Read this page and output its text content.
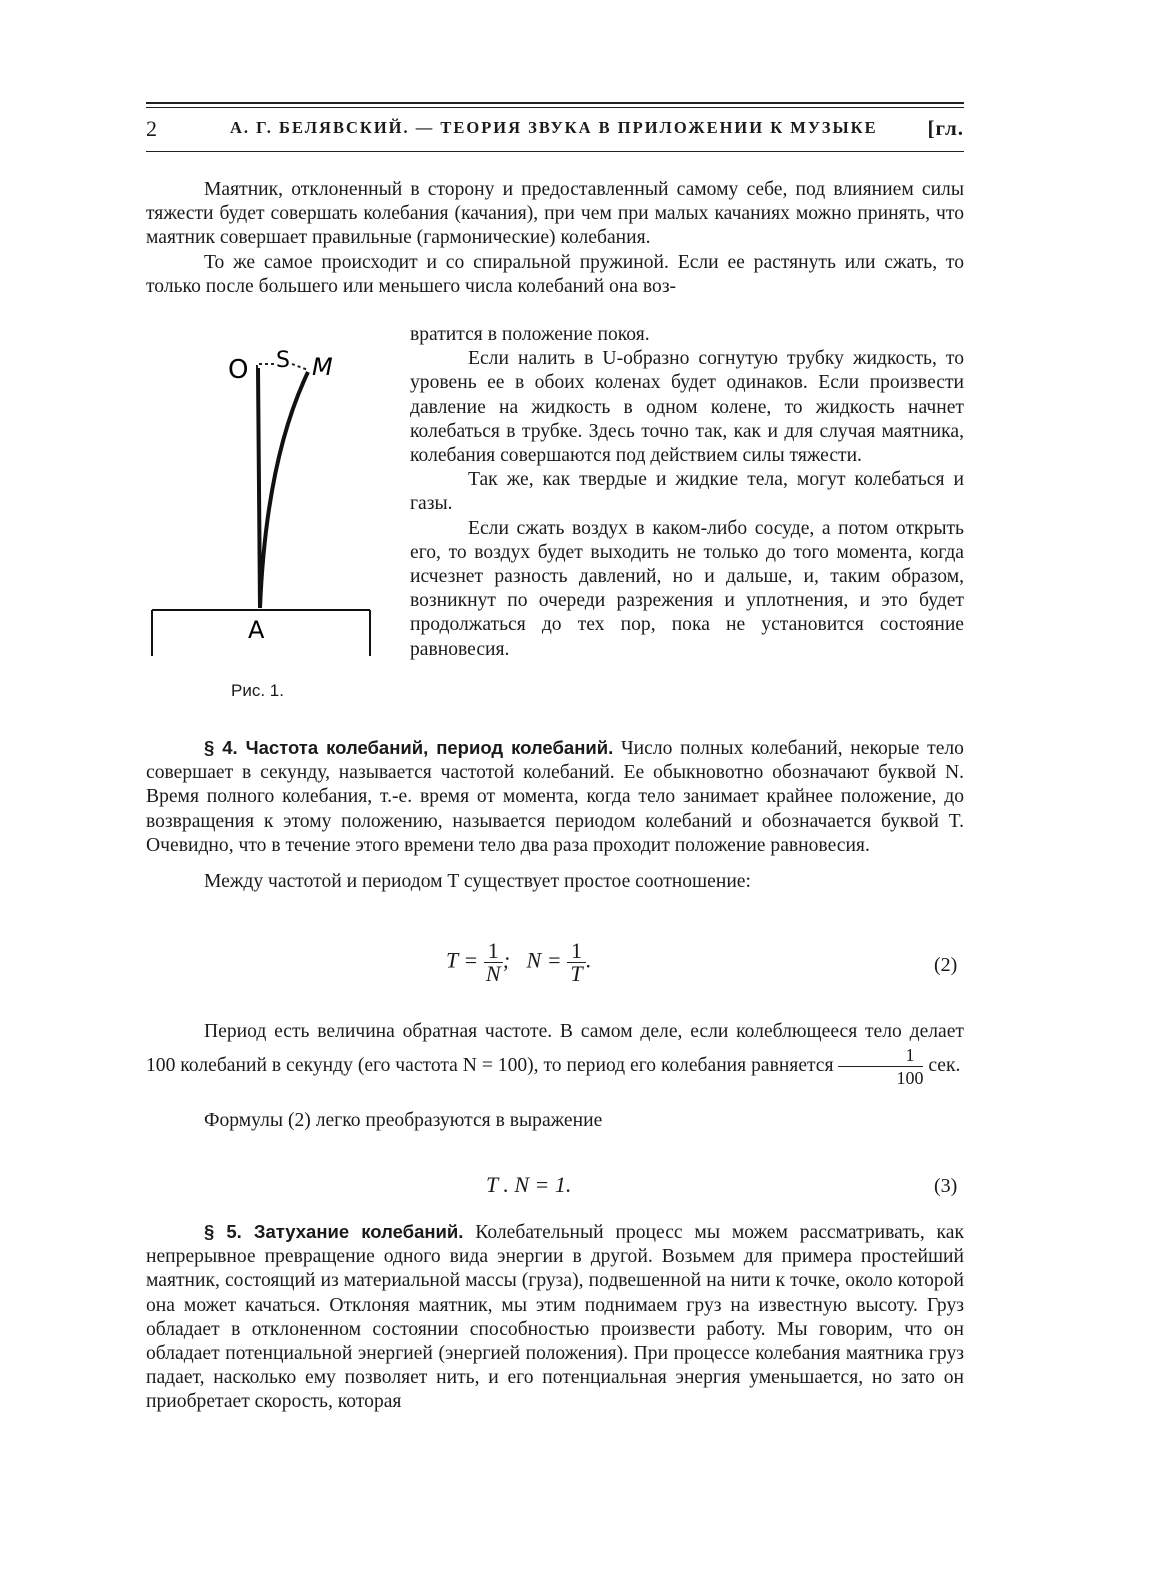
2	А. Г. БЕЛЯВСКИЙ. — ТЕОРИЯ ЗВУКА В ПРИЛОЖЕНИИ К МУЗЫКЕ [гл.

Маятник, отклоненный в сторону и предоставленный самому себе, под влиянием силы тяжести будет совершать колебания (качания), при чем при малых качаниях можно принять, что маятник совершает правильные (гармонические) колебания.

То же самое происходит и со спиральной пружиной. Если ее растянуть или сжать, то только после большего или меньшего числа колебаний она воз-

вратится в положение покоя.

Если налить в U-образно согнутую трубку жидкость, то уровень ее в обоих коленах будет одинаков. Если произвести давление на жидкость в одном колене, то жидкость начнет колебаться в трубке. Здесь точно так, как и для случая маятника, колебания совершаются под действием силы тяжести.

Так же, как твердые и жидкие тела, могут колебаться и газы.

Если сжать воздух в каком-либо сосуде, а потом открыть его, то воздух будет выходить не только до того момента, когда исчезнет разность давлений, но и дальше, и, таким образом, возникнут по очереди разрежения и уплотнения, и это будет продолжаться до тех пор, пока не установится состояние равновесия.

O S M
A
Рис. 1.

§ 4. Частота колебаний, период колебаний. Число полных колебаний, некорые тело совершает в секунду, называется частотой колебаний. Ее обыкновотно обозначают буквой N. Время полного колебания, т.-е. время от момента, когда тело занимает крайнее положение, до возвращения к этому положению, называется периодом колебаний и обозначается буквой T. Очевидно, что в течение этого времени тело два раза проходит положение равновесия.

Между частотой и периодом T существует простое соотношение:

$T = \frac{1}{N}$ ; $N = \frac{1}{T}$ .	(2)

Период есть величина обратная частоте. В самом деле, если колеблющееся тело делает 100 колебаний в секунду (его частота N = 100), то период его колебания равняется $\frac{1}{100}$ сек.

Формулы (2) легко преобразуются в выражение

T . N = 1.	(3)

§ 5. Затухание колебаний. Колебательный процесс мы можем рассматривать, как непрерывное превращение одного вида энергии в другой. Возьмем для примера простейший маятник, состоящий из материальной массы (груза), подвешенной на нити к точке, около которой она может качаться. Отклоняя маятник, мы этим поднимаем груз на известную высоту. Груз обладает в отклоненном состоянии способностью произвести работу. Мы говорим, что он обладает потенциальной энергией (энергией положения). При процессе колебания маятника груз падает, насколько ему позволяет нить, и его потенциальная энергия уменьшается, но зато он приобретает скорость, которая
